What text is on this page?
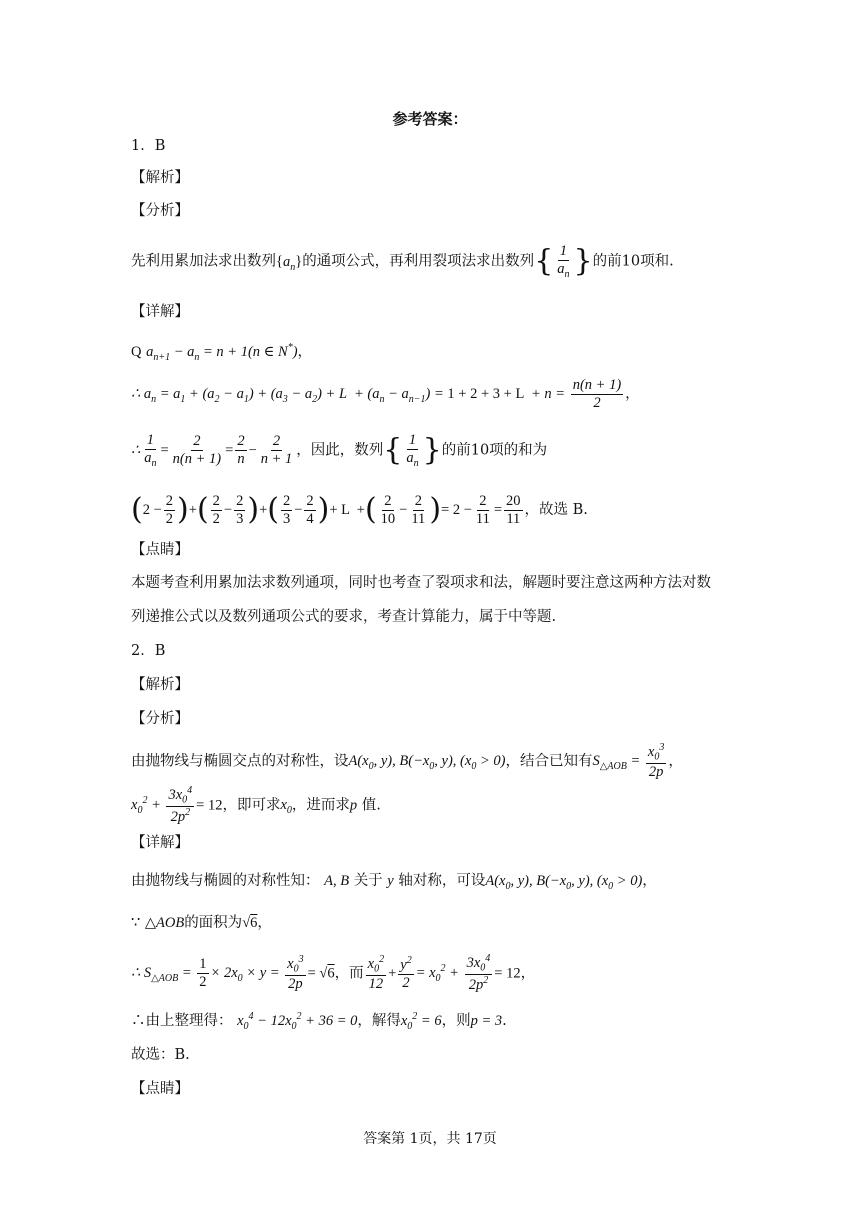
参考答案：
1．B
【解析】
【分析】
先利用累加法求出数列$\{a_n\}$的通项公式，再利用裂项法求出数列{ $\frac{1}{a_n}$ }的前10项和.
【详解】
Q $a_{n+1} - a_n = n + 1(n$ ∈ N*)，
∴ $a_n = a_1 + (a_2 - a_1) + (a_3 - a_2) + L + (a_n - a_{n-1}) = 1 + 2 + 3 + L + n = \frac{n(n + 1)}{2}$ ，
∴ $\frac{1}{a_n} = \frac{2}{n(n + 1)} = \frac{2}{n} - \frac{2}{n + 1}$ ，因此，数列{ $\frac{1}{a_n}$ }的前10项的和为
($2 - \frac{2}{2}$ )+( $\frac{2}{2} - \frac{2}{3}$ )+( $\frac{2}{3} - \frac{2}{4}$ )+ L  +( $\frac{2}{10} - \frac{2}{11}$ )= $2 - \frac{2}{11} = \frac{20}{11}$ ，故选 B.
【点睛】
本题考查利用累加法求数列通项，同时也考查了裂项求和法，解题时要注意这两种方法对数
列递推公式以及数列通项公式的要求，考查计算能力，属于中等题.
2．B
【解析】
【分析】
由抛物线与椭圆交点的对称性，设$A(x_0$, y), $B(-x_0$, y), $(x_0 > 0)$，结合已知有$S_{\triangle AOB} = \frac{x_0^3}{2p}$ ，
$x_0^2 + \frac{3x_0^4}{2p^2} = 12$，即可求$x_0$，进而求p 值.
【详解】
由抛物线与椭圆的对称性知： A, B 关于 y 轴对称，可设$A(x_0$, y), $B(-x_0$, y), $(x_0 > 0)$，
∵ △AOB的面积为√6，
∴ $S_{\triangle AOB} = \frac{1}{2} \times 2x_0 \times y = \frac{x_0^3}{2p} = √6$，而 $\frac{x_0^2}{12} + \frac{y^2}{2} = x_0^2 + \frac{3x_0^4}{2p^2} = 12$，
∴由上整理得： $x_0^4 - 12x_0^2 + 36 = 0$，解得$x_0^2 = 6$，则p = 3.
故选：B.
【点睛】
答案第 1页，共 17页
